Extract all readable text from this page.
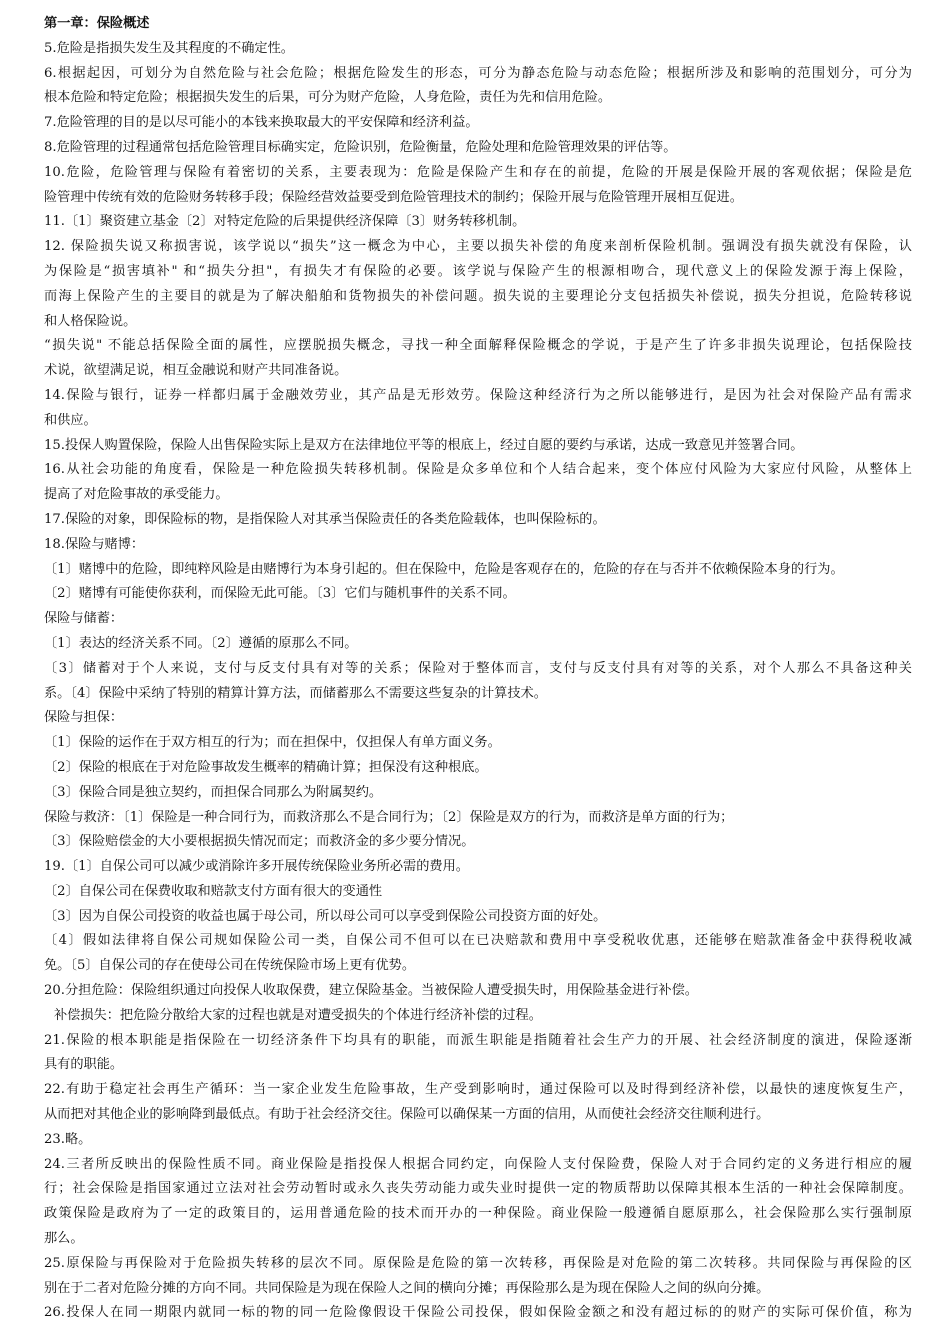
第一章：保险概述
5.危险是指损失发生及其程度的不确定性。
6.根据起因，可划分为自然危险与社会危险；根据危险发生的形态，可分为静态危险与动态危险；根据所涉及和影响的范围划分，可分为
根本危险和特定危险；根据损失发生的后果，可分为财产危险，人身危险，责任为先和信用危险。
7.危险管理的目的是以尽可能小的本钱来换取最大的平安保障和经济利益。
8.危险管理的过程通常包括危险管理目标确实定，危险识别，危险衡量，危险处理和危险管理效果的评估等。
10.危险，危险管理与保险有着密切的关系，主要表现为：危险是保险产生和存在的前提，危险的开展是保险开展的客观依据；保险是危
险管理中传统有效的危险财务转移手段；保险经营效益要受到危险管理技术的制约；保险开展与危险管理开展相互促进。
11.〔1〕聚资建立基金〔2〕对特定危险的后果提供经济保障〔3〕财务转移机制。
12. 保险损失说又称损害说，该学说以“损失”这一概念为中心，主要以损失补偿的角度来剖析保险机制。强调没有损失就没有保险，认
为保险是“损害填补" 和“损失分担"，有损失才有保险的必要。该学说与保险产生的根源相吻合，现代意义上的保险发源于海上保险，
而海上保险产生的主要目的就是为了解决船舶和货物损失的补偿问题。损失说的主要理论分支包括损失补偿说，损失分担说，危险转移说
和人格保险说。
“损失说" 不能总括保险全面的属性，应摆脱损失概念，寻找一种全面解释保险概念的学说，于是产生了许多非损失说理论，包括保险技
术说，欲望满足说，相互金融说和财产共同准备说。
14.保险与银行，证券一样都归属于金融效劳业，其产品是无形效劳。保险这种经济行为之所以能够进行，是因为社会对保险产品有需求
和供应。
15.投保人购置保险，保险人出售保险实际上是双方在法律地位平等的根底上，经过自愿的要约与承诺，达成一致意见并签署合同。
16.从社会功能的角度看，保险是一种危险损失转移机制。保险是众多单位和个人结合起来，变个体应付风险为大家应付风险，从整体上
提高了对危险事故的承受能力。
17.保险的对象，即保险标的物，是指保险人对其承当保险责任的各类危险载体，也叫保险标的。
18.保险与赌博：
〔1〕赌博中的危险，即纯粹风险是由赌博行为本身引起的。但在保险中，危险是客观存在的，危险的存在与否并不依赖保险本身的行为。
〔2〕赌博有可能使你获利，而保险无此可能。〔3〕它们与随机事件的关系不同。
保险与储蓄：
〔1〕表达的经济关系不同。〔2〕遵循的原那么不同。
〔3〕储蓄对于个人来说，支付与反支付具有对等的关系；保险对于整体而言，支付与反支付具有对等的关系，对个人那么不具备这种关
系。〔4〕保险中采纳了特别的精算计算方法，而储蓄那么不需要这些复杂的计算技术。
保险与担保：
〔1〕保险的运作在于双方相互的行为；而在担保中，仅担保人有单方面义务。
〔2〕保险的根底在于对危险事故发生概率的精确计算；担保没有这种根底。
〔3〕保险合同是独立契约，而担保合同那么为附属契约。
保险与救济：〔1〕保险是一种合同行为，而救济那么不是合同行为；〔2〕保险是双方的行为，而救济是单方面的行为；
〔3〕保险赔偿金的大小要根据损失情况而定；而救济金的多少要分情况。
19.〔1〕自保公司可以减少或消除许多开展传统保险业务所必需的费用。
〔2〕自保公司在保费收取和赔款支付方面有很大的变通性
〔3〕因为自保公司投资的收益也属于母公司，所以母公司可以享受到保险公司投资方面的好处。
〔4〕假如法律将自保公司规如保险公司一类，自保公司不但可以在已决赔款和费用中享受税收优惠，还能够在赔款准备金中获得税收减
免。〔5〕自保公司的存在使母公司在传统保险市场上更有优势。
20.分担危险：保险组织通过向投保人收取保费，建立保险基金。当被保险人遭受损失时，用保险基金进行补偿。
补偿损失：把危险分散给大家的过程也就是对遭受损失的个体进行经济补偿的过程。
21.保险的根本职能是指保险在一切经济条件下均具有的职能，而派生职能是指随着社会生产力的开展、社会经济制度的演进，保险逐渐
具有的职能。
22.有助于稳定社会再生产循环：当一家企业发生危险事故，生产受到影响时，通过保险可以及时得到经济补偿，以最快的速度恢复生产，
从而把对其他企业的影响降到最低点。有助于社会经济交往。保险可以确保某一方面的信用，从而使社会经济交往顺利进行。
23.略。
24.三者所反映出的保险性质不同。商业保险是指投保人根据合同约定，向保险人支付保险费，保险人对于合同约定的义务进行相应的履
行；社会保险是指国家通过立法对社会劳动暂时或永久丧失劳动能力或失业时提供一定的物质帮助以保障其根本生活的一种社会保障制度。
政策保险是政府为了一定的政策目的，运用普通危险的技术而开办的一种保险。商业保险一般遵循自愿原那么，社会保险那么实行强制原
那么。
25.原保险与再保险对于危险损失转移的层次不同。原保险是危险的第一次转移，再保险是对危险的第二次转移。共同保险与再保险的区
别在于二者对危险分摊的方向不同。共同保险是为现在保险人之间的横向分摊；再保险那么是为现在保险人之间的纵向分摊。
26.投保人在同一期限内就同一标的物的同一危险像假设干保险公司投保，假如保险金额之和没有超过标的的财产的实际可保价值，称为
